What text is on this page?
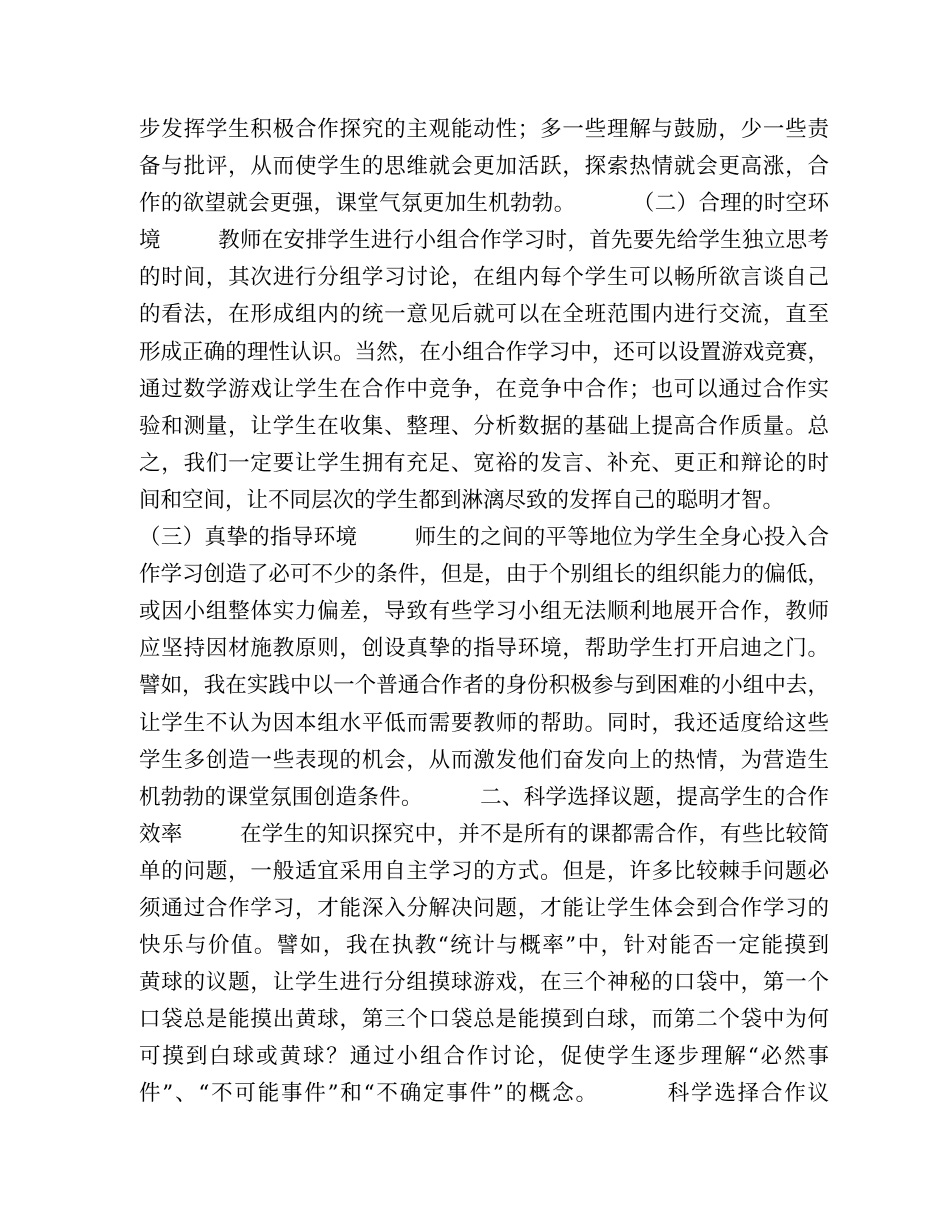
步发挥学生积极合作探究的主观能动性；多一些理解与鼓励，少一些责
备与批评，从而使学生的思维就会更加活跃，探索热情就会更高涨，合
作的欲望就会更强，课堂气氛更加生机勃勃。        （二）合理的时空环
境        教师在安排学生进行小组合作学习时，首先要先给学生独立思考
的时间，其次进行分组学习讨论，在组内每个学生可以畅所欲言谈自己
的看法，在形成组内的统一意见后就可以在全班范围内进行交流，直至
形成正确的理性认识。当然，在小组合作学习中，还可以设置游戏竞赛，
通过数学游戏让学生在合作中竞争，在竞争中合作；也可以通过合作实
验和测量，让学生在收集、整理、分析数据的基础上提高合作质量。总
之，我们一定要让学生拥有充足、宽裕的发言、补充、更正和辩论的时
间和空间，让不同层次的学生都到淋漓尽致的发挥自己的聪明才智。
（三）真挚的指导环境        师生的之间的平等地位为学生全身心投入合
作学习创造了必可不少的条件，但是，由于个别组长的组织能力的偏低，
或因小组整体实力偏差，导致有些学习小组无法顺利地展开合作，教师
应坚持因材施教原则，创设真挚的指导环境，帮助学生打开启迪之门。
譬如，我在实践中以一个普通合作者的身份积极参与到困难的小组中去，
让学生不认为因本组水平低而需要教师的帮助。同时，我还适度给这些
学生多创造一些表现的机会，从而激发他们奋发向上的热情，为营造生
机勃勃的课堂氛围创造条件。        二、科学选择议题，提高学生的合作
效率        在学生的知识探究中，并不是所有的课都需合作，有些比较简
单的问题，一般适宜采用自主学习的方式。但是，许多比较棘手问题必
须通过合作学习，才能深入分解决问题，才能让学生体会到合作学习的
快乐与价值。譬如，我在执教“统计与概率”中，针对能否一定能摸到
黄球的议题，让学生进行分组摸球游戏，在三个神秘的口袋中，第一个
口袋总是能摸出黄球，第三个口袋总是能摸到白球，而第二个袋中为何
可摸到白球或黄球？通过小组合作讨论，促使学生逐步理解“必然事
件”、“不可能事件”和“不确定事件”的概念。        科学选择合作议
